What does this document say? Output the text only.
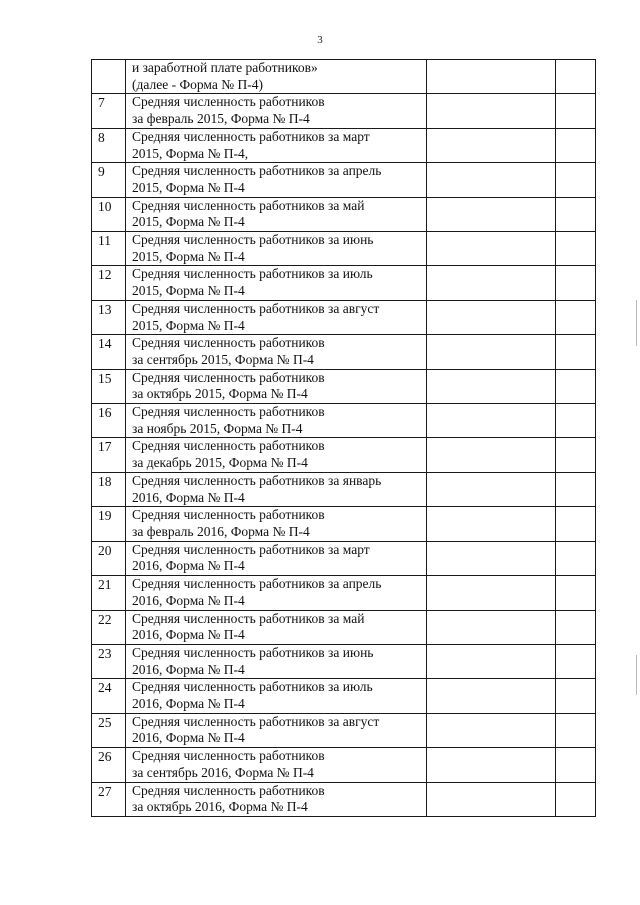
3

	и заработной плате работников»
(далее - Форма № П-4)		

7	Средняя численность работников
за февраль 2015, Форма № П-4		

8	Средняя численность работников за март
2015, Форма № П-4,		

9	Средняя численность работников за апрель
2015, Форма № П-4		

10	Средняя численность работников за май
2015, Форма № П-4		

11	Средняя численность работников за июнь
2015, Форма № П-4		

12	Средняя численность работников за июль
2015, Форма № П-4		

13	Средняя численность работников за август
2015, Форма № П-4		

14	Средняя численность работников
за сентябрь 2015, Форма № П-4		

15	Средняя численность работников
за октябрь 2015, Форма № П-4		

16	Средняя численность работников
за ноябрь 2015, Форма № П-4		

17	Средняя численность работников
за декабрь 2015, Форма № П-4		

18	Средняя численность работников за январь
2016, Форма № П-4		

19	Средняя численность работников
за февраль 2016, Форма № П-4		

20	Средняя численность работников за март
2016, Форма № П-4		

21	Средняя численность работников за апрель
2016, Форма № П-4		

22	Средняя численность работников за май
2016, Форма № П-4		

23	Средняя численность работников за июнь
2016, Форма № П-4		

24	Средняя численность работников за июль
2016, Форма № П-4		

25	Средняя численность работников за август
2016, Форма № П-4		

26	Средняя численность работников
за сентябрь 2016, Форма № П-4		

27	Средняя численность работников
за октябрь 2016, Форма № П-4		
